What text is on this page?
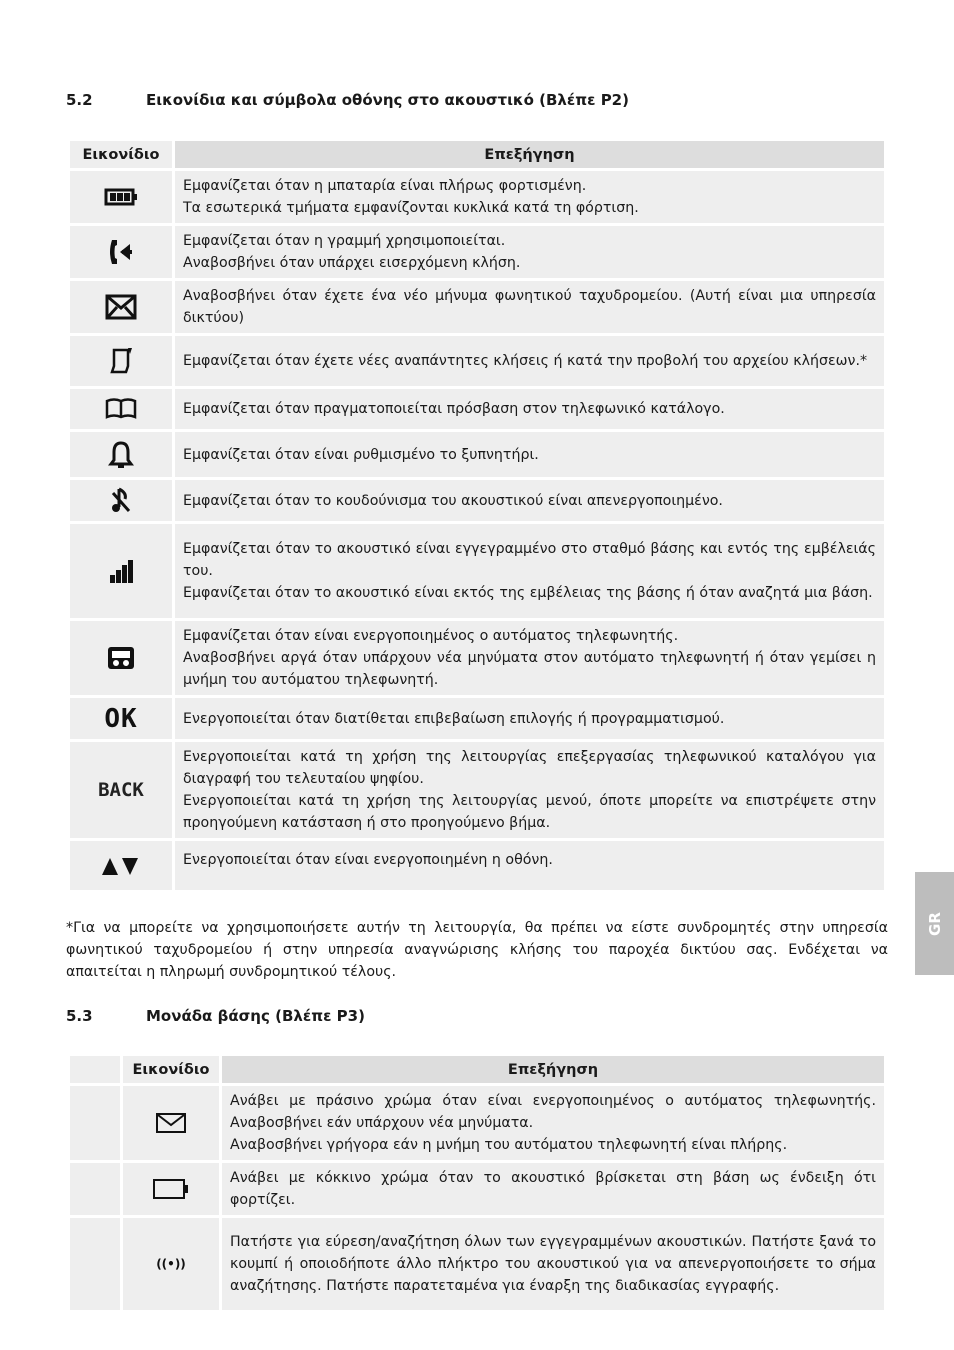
5.2	Εικονίδια και σύμβολα οθόνης στο ακουστικό (Βλέπε P2)
Εικονίδιο	Επεξήγηση

Εμφανίζεται όταν η μπαταρία είναι πλήρως φορτισμένη.
Τα εσωτερικά τμήματα εμφανίζονται κυκλικά κατά τη φόρτιση.

Εμφανίζεται όταν η γραμμή χρησιμοποιείται.
Αναβοσβήνει όταν υπάρχει εισερχόμενη κλήση.

Αναβοσβήνει όταν έχετε ένα νέο μήνυμα φωνητικού ταχυδρομείου. (Αυτή είναι μια υπηρεσία δικτύου)

Εμφανίζεται όταν έχετε νέες αναπάντητες κλήσεις ή κατά την προβολή του αρχείου κλήσεων.*

Εμφανίζεται όταν πραγματοποιείται πρόσβαση στον τηλεφωνικό κατάλογο.

Εμφανίζεται όταν είναι ρυθμισμένο το ξυπνητήρι.

Εμφανίζεται όταν το κουδούνισμα του ακουστικού είναι απενεργοποιημένο.

Εμφανίζεται όταν το ακουστικό είναι εγγεγραμμένο στο σταθμό βάσης και εντός της εμβέλειάς του.
Εμφανίζεται όταν το ακουστικό είναι εκτός της εμβέλειας της βάσης ή όταν αναζητά μια βάση.

Εμφανίζεται όταν είναι ενεργοποιημένος ο αυτόματος τηλεφωνητής.
Αναβοσβήνει αργά όταν υπάρχουν νέα μηνύματα στον αυτόματο τηλεφωνητή ή όταν γεμίσει η μνήμη του αυτόματου τηλεφωνητή.

OK	Ενεργοποιείται όταν διατίθεται επιβεβαίωση επιλογής ή προγραμματισμού.

BACK	Ενεργοποιείται κατά τη χρήση της λειτουργίας επεξεργασίας τηλεφωνικού καταλόγου για διαγραφή του τελευταίου ψηφίου.
Ενεργοποιείται κατά τη χρήση της λειτουργίας μενού, όποτε μπορείτε να επιστρέψετε στην προηγούμενη κατάσταση ή στο προηγούμενο βήμα.

Ενεργοποιείται όταν είναι ενεργοποιημένη η οθόνη.
*Για να μπορείτε να χρησιμοποιήσετε αυτήν τη λειτουργία, θα πρέπει να είστε συνδρομητές στην υπηρεσία φωνητικού ταχυδρομείου ή στην υπηρεσία αναγνώρισης κλήσης του παροχέα δικτύου σας. Ενδέχεται να απαιτείται η πληρωμή συνδρομητικού τέλους.
5.3	Μονάδα βάσης (Βλέπε P3)
	Εικονίδιο	Επεξήγηση

Ανάβει με πράσινο χρώμα όταν είναι ενεργοποιημένος ο αυτόματος τηλεφωνητής. Αναβοσβήνει εάν υπάρχουν νέα μηνύματα.
Αναβοσβήνει γρήγορα εάν η μνήμη του αυτόματου τηλεφωνητή είναι πλήρης.

Ανάβει με κόκκινο χρώμα όταν το ακουστικό βρίσκεται στη βάση ως ένδειξη ότι φορτίζει.

	((•))	Πατήστε για εύρεση/αναζήτηση όλων των εγγεγραμμένων ακουστικών. Πατήστε ξανά το κουμπί ή οποιοδήποτε άλλο πλήκτρο του ακουστικού για να απενεργοποιήσετε το σήμα αναζήτησης. Πατήστε παρατεταμένα για έναρξη της διαδικασίας εγγραφής.
GR
